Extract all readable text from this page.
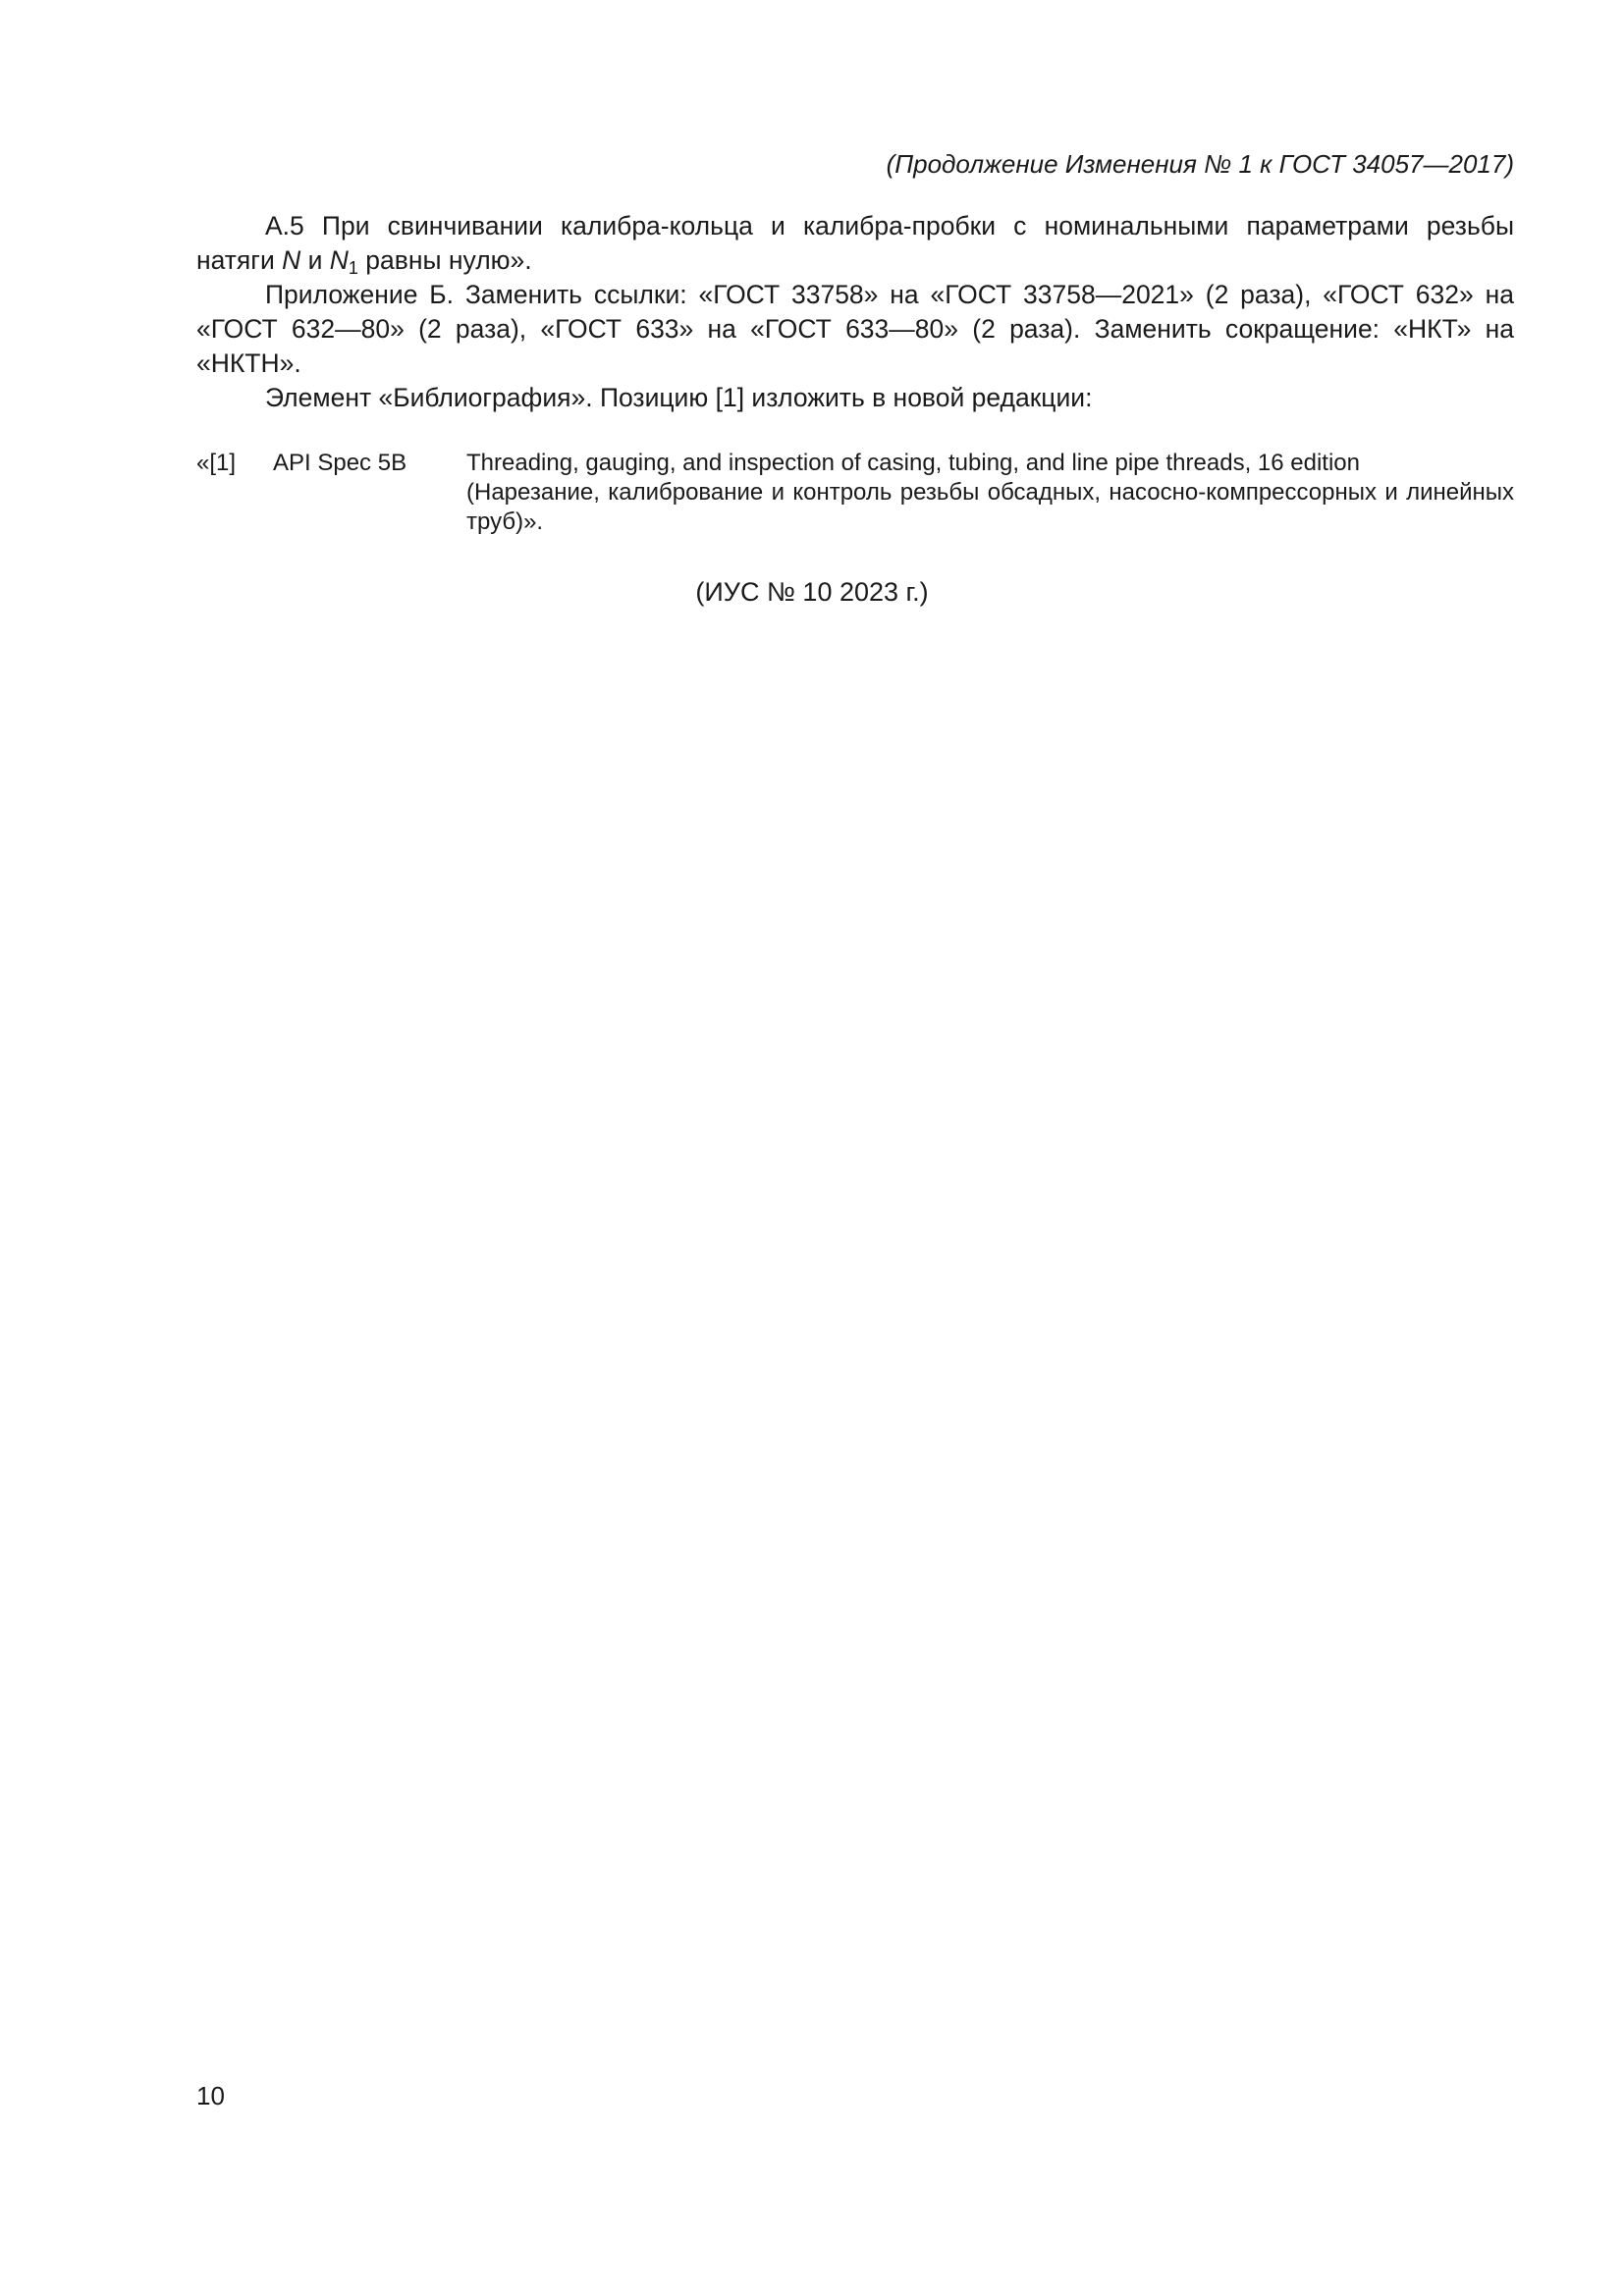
(Продолжение Изменения № 1 к ГОСТ 34057—2017)

А.5 При свинчивании калибра-кольца и калибра-пробки с номинальными параметрами резьбы

натяги N и $N_1$ равны нулю».

Приложение Б. Заменить ссылки: «ГОСТ 33758» на «ГОСТ 33758—2021» (2 раза), «ГОСТ 632» на «ГОСТ 632—80» (2 раза), «ГОСТ 633» на «ГОСТ 633—80» (2 раза). Заменить сокращение: «НКТ» на «НКТН».

Элемент «Библиография». Позицию [1] изложить в новой редакции:

«[1] API Spec 5B	Threading, gauging, and inspection of casing, tubing, and line pipe threads, 16 edition
(Нарезание, калибрование и контроль резьбы обсадных, насосно-компрессорных и линейных труб)».
(ИУС № 10 2023 г.)
10
